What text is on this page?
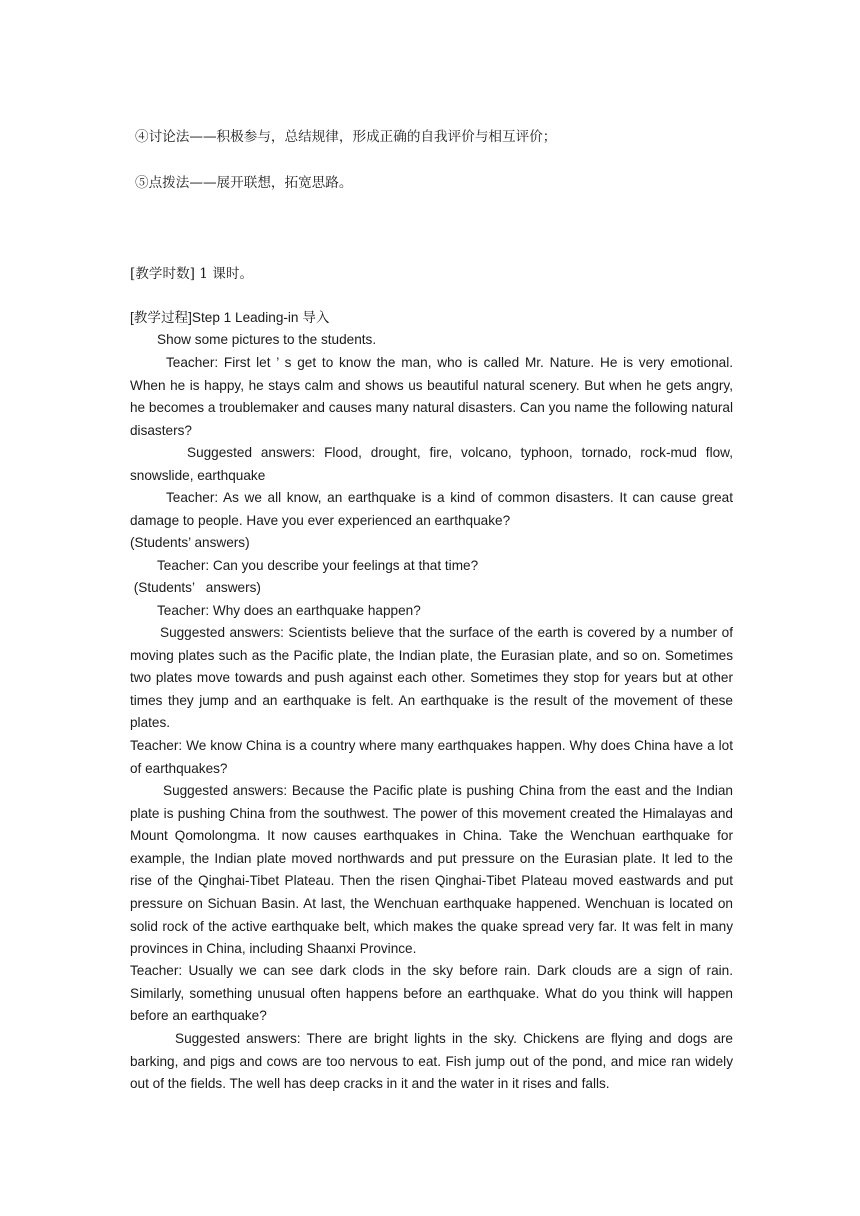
④讨论法——积极参与，总结规律，形成正确的自我评价与相互评价；
⑤点拨法——展开联想，拓宽思路。
[教学时数] 1 课时。
[教学过程]Step 1 Leading-in 导入
Show some pictures to the students.
Teacher: First let ’ s get to know the man, who is called Mr. Nature. He is very emotional. When he is happy, he stays calm and shows us beautiful natural scenery. But when he gets angry, he becomes a troublemaker and causes many natural disasters. Can you name the following natural disasters?
Suggested answers: Flood, drought, fire, volcano, typhoon, tornado, rock-mud flow, snowslide, earthquake
Teacher: As we all know, an earthquake is a kind of common disasters. It can cause great damage to people. Have you ever experienced an earthquake?
(Students’ answers)
Teacher: Can you describe your feelings at that time?
(Students’   answers)
Teacher: Why does an earthquake happen?
Suggested answers: Scientists believe that the surface of the earth is covered by a number of moving plates such as the Pacific plate, the Indian plate, the Eurasian plate, and so on. Sometimes two plates move towards and push against each other. Sometimes they stop for years but at other times they jump and an earthquake is felt. An earthquake is the result of the movement of these plates.
Teacher: We know China is a country where many earthquakes happen. Why does China have a lot of earthquakes?
Suggested answers: Because the Pacific plate is pushing China from the east and the Indian plate is pushing China from the southwest. The power of this movement created the Himalayas and Mount Qomolongma. It now causes earthquakes in China. Take the Wenchuan earthquake for example, the Indian plate moved northwards and put pressure on the Eurasian plate. It led to the rise of the Qinghai-Tibet Plateau. Then the risen Qinghai-Tibet Plateau moved eastwards and put pressure on Sichuan Basin. At last, the Wenchuan earthquake happened. Wenchuan is located on solid rock of the active earthquake belt, which makes the quake spread very far. It was felt in many provinces in China, including Shaanxi Province.
Teacher: Usually we can see dark clods in the sky before rain. Dark clouds are a sign of rain. Similarly, something unusual often happens before an earthquake. What do you think will happen before an earthquake?
Suggested answers: There are bright lights in the sky. Chickens are flying and dogs are barking, and pigs and cows are too nervous to eat. Fish jump out of the pond, and mice ran widely out of the fields. The well has deep cracks in it and the water in it rises and falls.
